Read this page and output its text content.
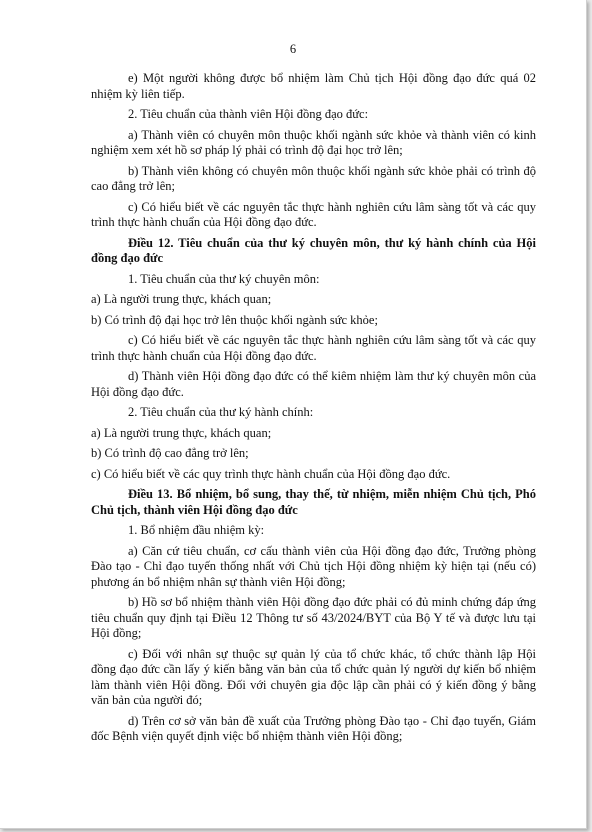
6

e) Một người không được bổ nhiệm làm Chủ tịch Hội đồng đạo đức quá 02 nhiệm kỳ liên tiếp.

2. Tiêu chuẩn của thành viên Hội đồng đạo đức:

a) Thành viên có chuyên môn thuộc khối ngành sức khỏe và thành viên có kinh nghiệm xem xét hồ sơ pháp lý phải có trình độ đại học trở lên;

b) Thành viên không có chuyên môn thuộc khối ngành sức khỏe phải có trình độ cao đẳng trở lên;

c) Có hiểu biết về các nguyên tắc thực hành nghiên cứu lâm sàng tốt và các quy trình thực hành chuẩn của Hội đồng đạo đức.

Điều 12. Tiêu chuẩn của thư ký chuyên môn, thư ký hành chính của Hội đồng đạo đức

1. Tiêu chuẩn của thư ký chuyên môn:

a) Là người trung thực, khách quan;

b) Có trình độ đại học trở lên thuộc khối ngành sức khỏe;

c) Có hiểu biết về các nguyên tắc thực hành nghiên cứu lâm sàng tốt và các quy trình thực hành chuẩn của Hội đồng đạo đức.

d) Thành viên Hội đồng đạo đức có thể kiêm nhiệm làm thư ký chuyên môn của Hội đồng đạo đức.

2. Tiêu chuẩn của thư ký hành chính:

a) Là người trung thực, khách quan;

b) Có trình độ cao đẳng trở lên;

c) Có hiểu biết về các quy trình thực hành chuẩn của Hội đồng đạo đức.

Điều 13. Bổ nhiệm, bổ sung, thay thế, từ nhiệm, miễn nhiệm Chủ tịch, Phó Chủ tịch, thành viên Hội đồng đạo đức

1. Bổ nhiệm đầu nhiệm kỳ:

a) Căn cứ tiêu chuẩn, cơ cấu thành viên của Hội đồng đạo đức, Trưởng phòng Đào tạo - Chỉ đạo tuyến thống nhất với Chủ tịch Hội đồng nhiệm kỳ hiện tại (nếu có) phương án bổ nhiệm nhân sự thành viên Hội đồng;

b) Hồ sơ bổ nhiệm thành viên Hội đồng đạo đức phải có đủ minh chứng đáp ứng tiêu chuẩn quy định tại Điều 12 Thông tư số 43/2024/BYT của Bộ Y tế và được lưu tại Hội đồng;

c) Đối với nhân sự thuộc sự quản lý của tổ chức khác, tổ chức thành lập Hội đồng đạo đức cần lấy ý kiến bằng văn bản của tổ chức quản lý người dự kiến bổ nhiệm làm thành viên Hội đồng. Đối với chuyên gia độc lập cần phải có ý kiến đồng ý bằng văn bản của người đó;

d) Trên cơ sở văn bản đề xuất của Trưởng phòng Đào tạo - Chỉ đạo tuyến, Giám đốc Bệnh viện quyết định việc bổ nhiệm thành viên Hội đồng;
